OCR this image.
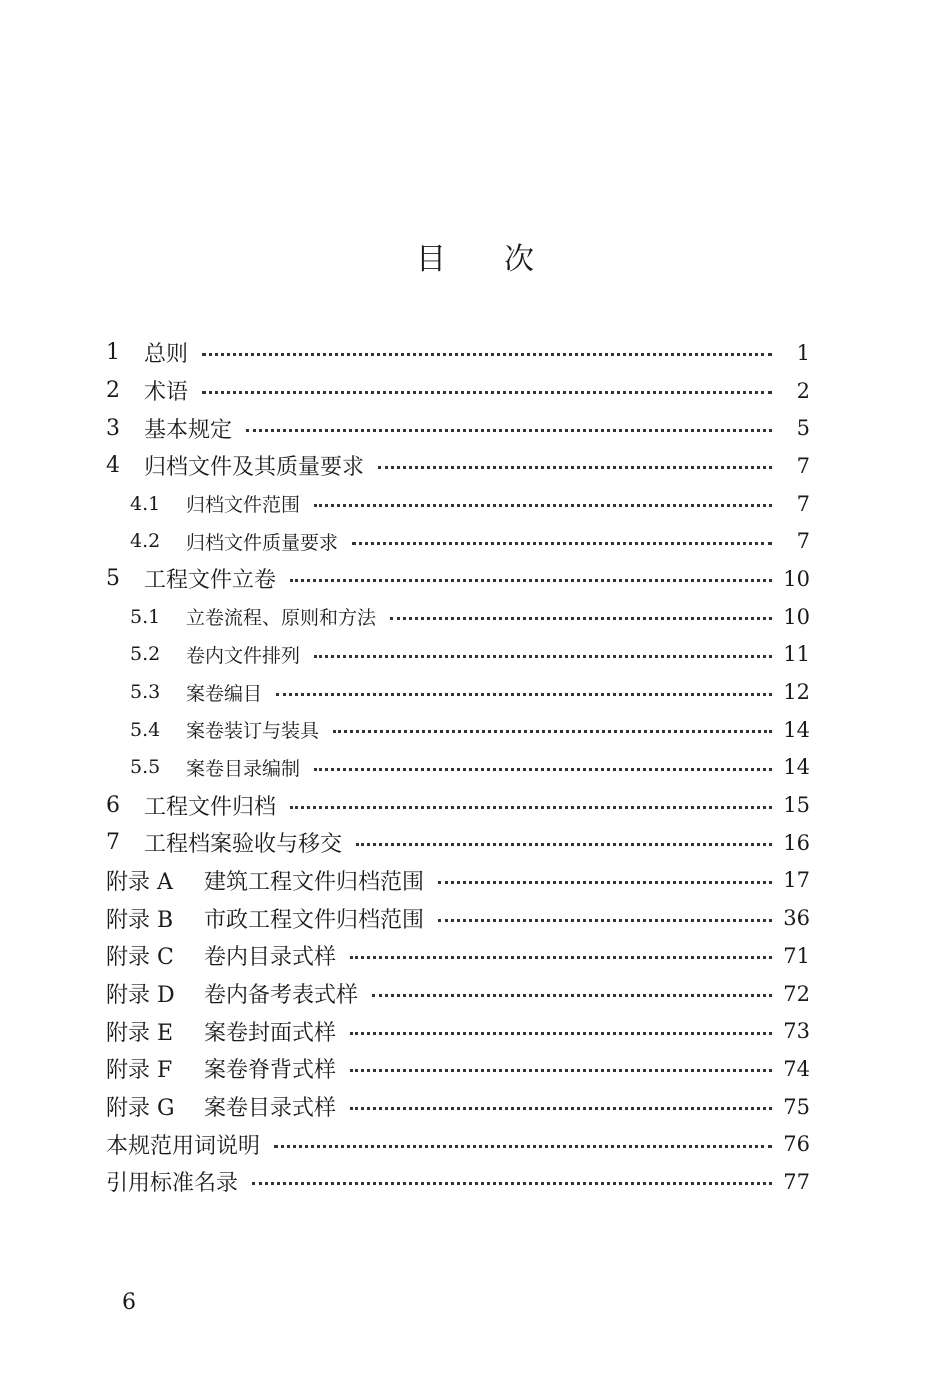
目次
1	总则	1
2	术语	2
3	基本规定	5
4	归档文件及其质量要求	7
4.1	归档文件范围	7
4.2	归档文件质量要求	7
5	工程文件立卷	10
5.1	立卷流程、原则和方法	10
5.2	卷内文件排列	11
5.3	案卷编目	12
5.4	案卷装订与装具	14
5.5	案卷目录编制	14
6	工程文件归档	15
7	工程档案验收与移交	16
附录 A	建筑工程文件归档范围	17
附录 B	市政工程文件归档范围	36
附录 C	卷内目录式样	71
附录 D	卷内备考表式样	72
附录 E	案卷封面式样	73
附录 F	案卷脊背式样	74
附录 G	案卷目录式样	75
本规范用词说明	76
引用标准名录	77
6
